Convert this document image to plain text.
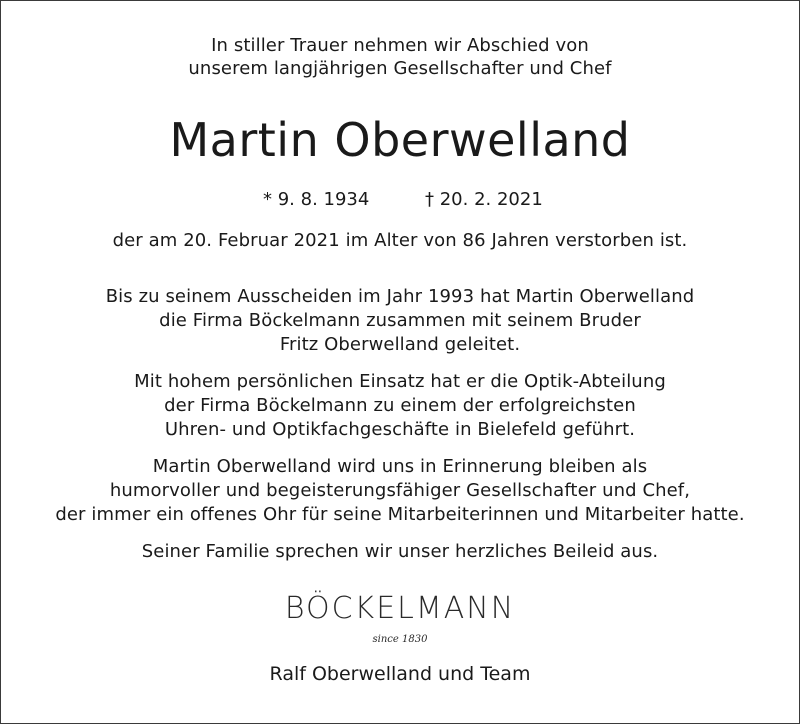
In stiller Trauer nehmen wir Abschied von
unserem langjährigen Gesellschafter und Chef
Martin Oberwelland
* 9. 8. 1934	† 20. 2. 2021
der am 20. Februar 2021 im Alter von 86 Jahren verstorben ist.
Bis zu seinem Ausscheiden im Jahr 1993 hat Martin Oberwelland
die Firma Böckelmann zusammen mit seinem Bruder
Fritz Oberwelland geleitet.
Mit hohem persönlichen Einsatz hat er die Optik-Abteilung
der Firma Böckelmann zu einem der erfolgreichsten
Uhren- und Optikfachgeschäfte in Bielefeld geführt.
Martin Oberwelland wird uns in Erinnerung bleiben als
humorvoller und begeisterungsfähiger Gesellschafter und Chef,
der immer ein offenes Ohr für seine Mitarbeiterinnen und Mitarbeiter hatte.
Seiner Familie sprechen wir unser herzliches Beileid aus.
BÖCKELMANN
since 1830
Ralf Oberwelland und Team
